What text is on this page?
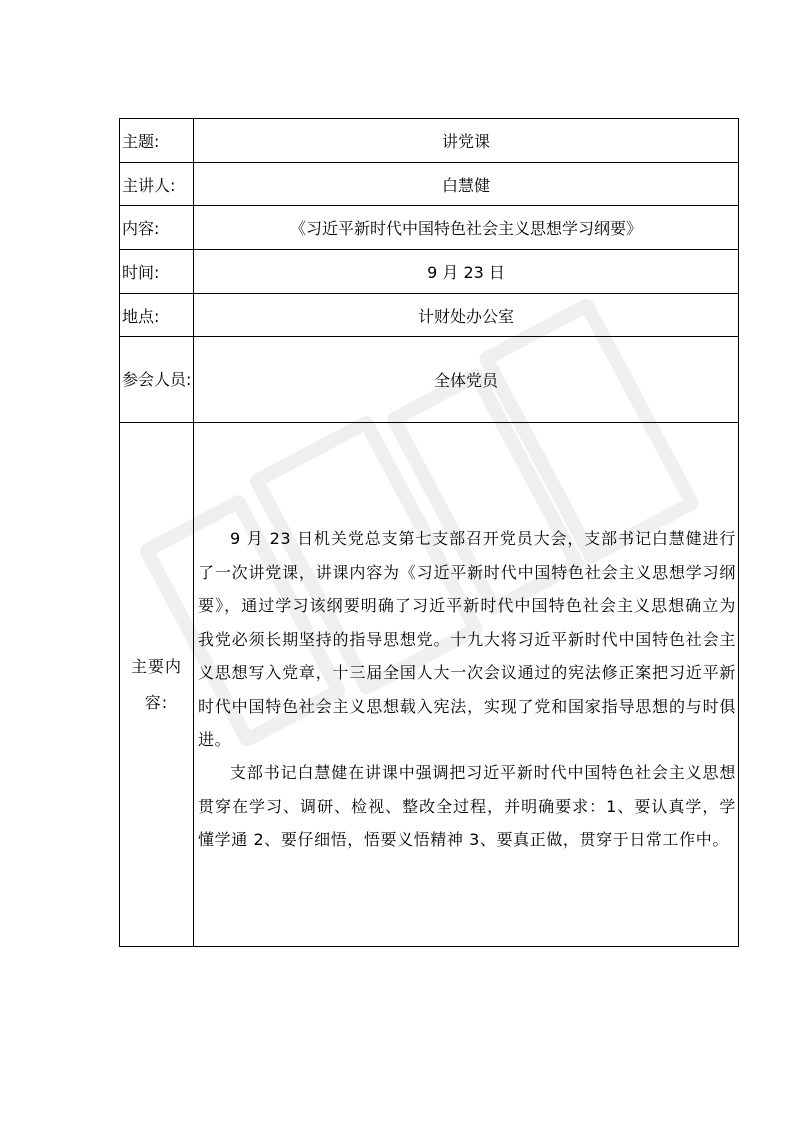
主题:	讲党课
主讲人:	白慧健
内容:	《习近平新时代中国特色社会主义思想学习纲要》
时间:	9 月 23 日
地点:	计财处办公室
参会人员:	全体党员
主要内容:	9 月 23 日机关党总支第七支部召开党员大会，支部书记白慧健进行了一次讲党课，讲课内容为《习近平新时代中国特色社会主义思想学习纲要》，通过学习该纲要明确了习近平新时代中国特色社会主义思想确立为我党必须长期坚持的指导思想党。十九大将习近平新时代中国特色社会主义思想写入党章，十三届全国人大一次会议通过的宪法修正案把习近平新时代中国特色社会主义思想载入宪法，实现了党和国家指导思想的与时俱进。

支部书记白慧健在讲课中强调把习近平新时代中国特色社会主义思想贯穿在学习、调研、检视、整改全过程，并明确要求：1、要认真学，学懂学通 2、要仔细悟，悟要义悟精神 3、要真正做，贯穿于日常工作中。
